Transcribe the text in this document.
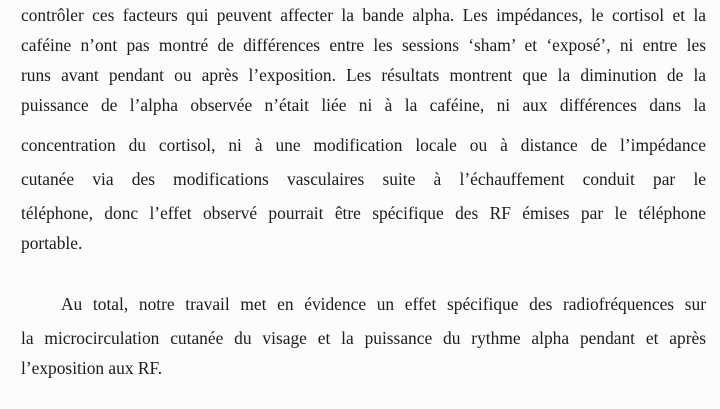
contrôler ces facteurs qui peuvent affecter la bande alpha. Les impédances, le cortisol et la

caféine n’ont pas montré de différences entre les sessions ‘sham’ et ‘exposé’, ni entre les

runs avant pendant ou après l’exposition. Les résultats montrent que la diminution de la

puissance de l’alpha observée n’était liée ni à la caféine, ni aux différences dans la

concentration du cortisol, ni à une modification locale ou à distance de l’impédance

cutanée via des modifications vasculaires suite à l’échauffement conduit par le

téléphone, donc l’effet observé pourrait être spécifique des RF émises par le téléphone

portable.

Au total, notre travail met en évidence un effet spécifique des radiofréquences sur

la microcirculation cutanée du visage et la puissance du rythme alpha pendant et après

l’exposition aux RF.
